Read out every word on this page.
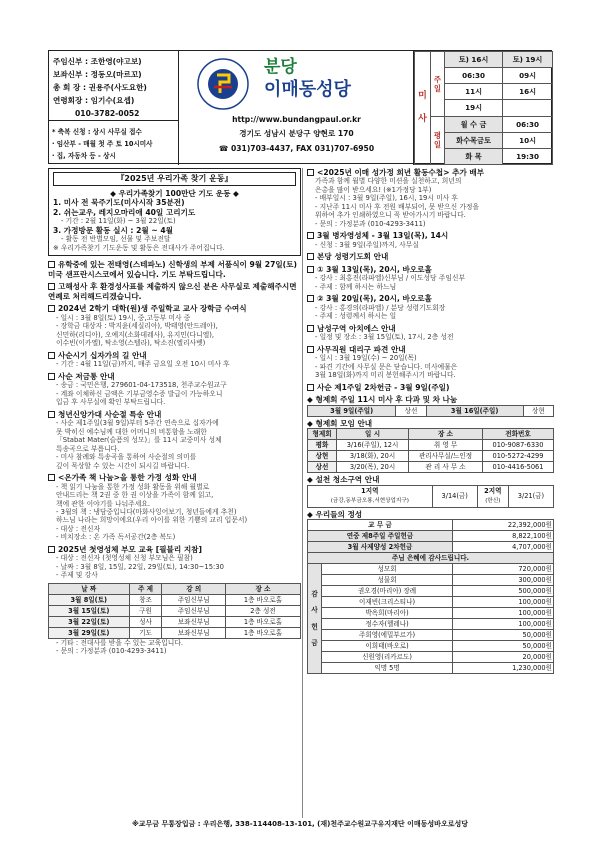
주임신부 : 조한영(야고보)
보좌신부 : 정동오(마르꼬)
총 회 장 : 권용주(사도요한)
연령회장 : 임기수(요셉)
010-3782-0052
* 축복 신청 : 상시 사무실 접수
· 임산부 - 매월 첫 주 토 10시미사
· 집, 자동차 등 - 상시
분당
이매동성당
http://www.bundangpaul.or.kr
경기도 성남시 분당구 양현로 170
☎ 031)703-4437, FAX 031)707-6950
미

사	주일	토) 16시	토) 19시
		06:30	09시
		11시	16시
		19시	
	평일	월 수 금	06:30
		화수목금토	10시
		화 목	19:30
『2025년 우리가족 찾기 운동』
◆ 우리가족찾기 100만단 기도 운동 ◆
1. 미사 전 묵주기도(미사시작 35분전)
2. 쉬는교우, 레지오마리애 40일 고리기도
- 기간 : 2월 11일(화) ~ 3월 22일(토)
3. 가정방문 활동 실시 : 2월 ~ 4월
- 활동 전 반별모임, 선물 및 주보전달
※ 우리가족찾기 기도운동 및 활동은 전대사가 주어집니다.
유학중에 있는 전태영(스테파노) 신학생의 부제 서품식이 9월 27일(토) 미국 샌프란시스코에서 있습니다. 기도 부탁드립니다.
고해성사 후 환경성사표를 제출하지 않으신 분은 사무실로 제출해주시면 연례로 처리해드리겠습니다.
2024년 2학기 대학(원)생 주일학교 교사 장학금 수여식
- 일시 : 3월 8일(토) 19시, 중,고등부 미사 중
- 장학금 대상자 : 박지윤(세실리아), 박태영(안드레아),
신민하(리디아), 오예지(소화데레사), 유지민(다니엘),
이수빈(이카엘), 탁소영(스텔라), 탁소진(엘리사벳)
사순시기 십자가의 길 안내
- 기간 : 4월 11일(금)까지, 매주 금요일 오전 10시 미사 후
사순 저금통 안내
- 송금 : 국민은행, 279601-04-173518, 천주교수원교구
- 계좌 이체하신 금액은 기부금영수증 발급이 가능하오니
입금 후 사무실에 확인 부탁드립니다.
청년신앙가대 사순절 특송 안내
- 사순 제1주일(3월 9일)부터 5주간 연속으로 십자가에
못 박히신 예수님께 대한 어머니의 비통함을 노래한
「Stabat Mater(슬픔의 성모)」를 11시 교중미사 성체
특송곡으로 부릅니다.
- 미사 참례와 특송곡을 통하여 사순절의 의미를
깊이 묵상할 수 있는 시간이 되시길 바랍니다.
<온가족 책 나눔>을 통한 가정 성화 안내
- 책 읽기 나눔을 통한 가정 성화 활동을 위해 월별로
안내드리는 책 2권 중 한 권 이상을 가족이 함께 읽고,
책에 관한 이야기를 나눠주세요.
- 3월의 책 : 냉담중입니다(마화사잉어보기, 청년들에게 추천)
하느님 나라는 희망이에요(우리 아이를 위한 기쁨의 교리 입문서)
- 대상 : 전신자
- 비치장소 : 온 가족 독서공간(2층 복도)
2025년 첫영성체 부모 교육 [필블리 지참]
- 대상 : 전신자 (첫영성체 신청 부모님은 필참)
- 날짜 : 3월 8일, 15일, 22일, 29일(토), 14:30~15:30
- 주제 및 강사
날 짜	주 제	강 의	장 소
3월 8일(토)	창조	주임신부님	1층 바오로홀
3월 15일(토)	구원	주임신부님	2층 성전
3월 22일(토)	성사	보좌신부님	1층 바오로홀
3월 29일(토)	기도	보좌신부님	1층 바오로홀
- 기타 : 전대사를 받을 수 있는 교육입니다.
- 문의 : 가정분과 (010-4293-3411)
<2025년 이매 성가정 희년 활동수첩> 추가 배부
가족과 함께 월별 다양한 미션을 실천하고, 희년의
은총을 많이 받으세요! (※1가정당 1부)
- 배부일시 : 3월 9일(주일), 16시, 19시 미사 후
- 지난주 11시 미사 후 전원 배부되어, 못 받으신 가정을
위하여 추가 인쇄하였으니 꼭 받아가시기 바랍니다.
- 문의 : 가정분과 (010-4293-3411)
3월 병자영성체 - 3월 13일(목), 14시
- 신청 : 3월 9일(주일)까지, 사무실
본당 성령기도회 안내
① 3월 13일(목), 20시, 바오로홀
- 강사 : 최홍진(라파엘)신부님 / 이도성당 주임신부
- 주제 : 함께 하시는 하느님
② 3월 20일(목), 20시, 바오로홀
- 강사 : 홍경의(라파엘) / 분당 성령기도회장
- 주제 : 성령께서 하시는 일
남성구역 아치에스 안내
- 일정 및 장소 : 3월 15일(토), 17시, 2층 성전
사무직원 대리구 파견 안내
- 일시 : 3월 19일(수) ~ 20일(목)
- 파견 기간에 사무실 문은 닫습니다. 미사예물은
3월 18일(화)까지 미리 봉헌해주시기 바랍니다.
사순 제1주일 2차헌금 - 3월 9일(주일)
◆ 형제회 주일 11시 미사 후 다과 및 차 나눔
3월 9일(주일)	상선	3월 16일(주일)	상현
◆ 형제회 모임 안내
형제회	일 시	장 소	전화번호
평화	3/16(주일), 12시	취 영 무	010-9087-6330
상현	3/18(화), 20시	관리사무실/느인정	010-5272-4299
상선	3/20(목), 20시	관 리 사 무 소	010-4416-5061
◆ 설천 청소구역 안내
1지역
(금강,동부금오룡,서현상업지구)	3/14(금)	2지역
(한신)	3/21(금)
◆ 우리들의 정성
교 무 금		22,392,000원
연중 제8주일 주일헌금		8,822,100원
3월 사제양성 2차헌금		4,707,000원
주님 은혜에 감사드립니다.		
감

사

헌

금	성모회	720,000원
	성물회	300,000원
	권오경(마리아) 장례	500,000원
	이재빈(크리스티나)	100,000원
	박옥희(마리아)	100,000원
	정수자(헬레나)	100,000원
	주희영(에밀부르가)	50,000원
	이희태(바오로)	50,000원
	신원영(리카르도)	20,000원
	익명 5명	1,230,000원
※교무금 무통장입금 : 우리은행, 338-114408-13-101, (재)천주교수원교구유지재단 이매동성바오로성당
